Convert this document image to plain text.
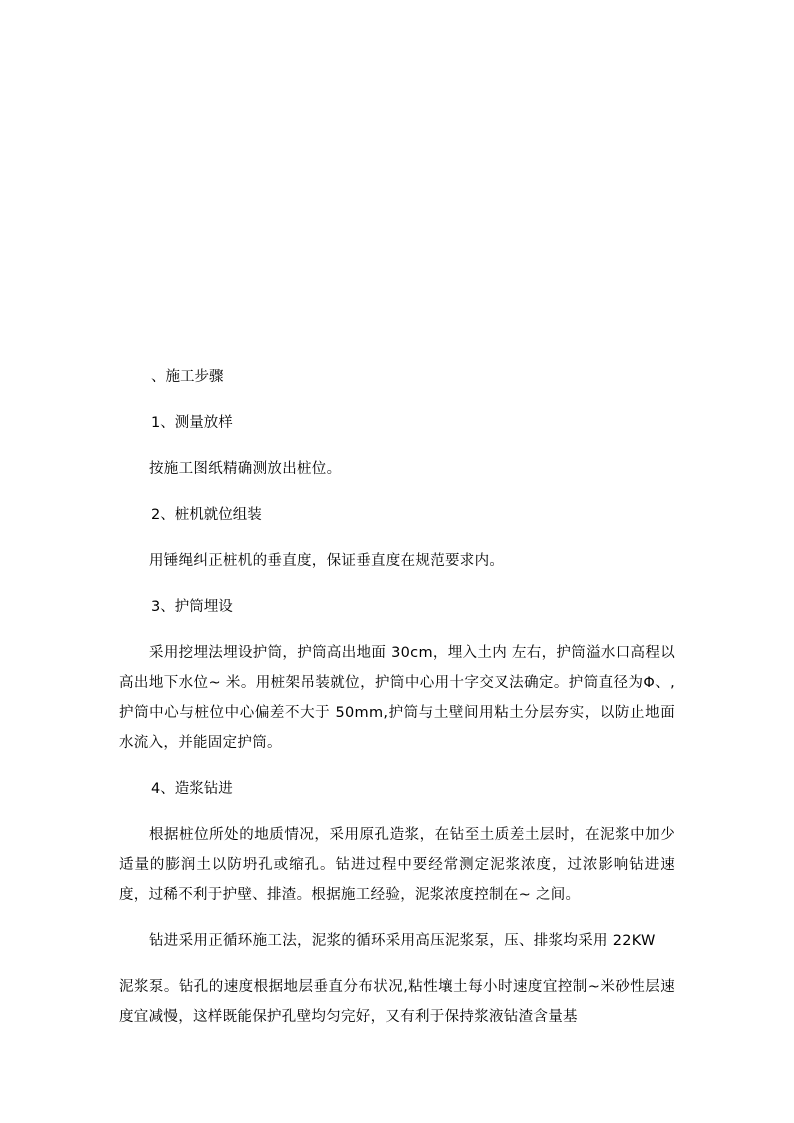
、施工步骤
1、测量放样

按施工图纸精确测放出桩位。

2、桩机就位组装

用锤绳纠正桩机的垂直度，保证垂直度在规范要求内。

3、护筒埋设

采用挖埋法埋设护筒，护筒高出地面 30cm，埋入土内 左右，护筒溢水口高程以高出地下水位~ 米。用桩架吊装就位，护筒中心用十字交叉法确定。护筒直径为Φ、,护筒中心与桩位中心偏差不大于 50mm,护筒与土壁间用粘土分层夯实，以防止地面水流入，并能固定护筒。

4、造浆钻进

根据桩位所处的地质情况，采用原孔造浆，在钻至土质差土层时，在泥浆中加少适量的膨润土以防坍孔或缩孔。钻进过程中要经常测定泥浆浓度，过浓影响钻进速度，过稀不利于护壁、排渣。根据施工经验，泥浆浓度控制在~ 之间。

钻进采用正循环施工法，泥浆的循环采用高压泥浆泵，压、排浆均采用 22KW

泥浆泵。钻孔的速度根据地层垂直分布状况,粘性壤土每小时速度宜控制~米砂性层速度宜减慢，这样既能保护孔壁均匀完好，又有利于保持浆液钻渣含量基
